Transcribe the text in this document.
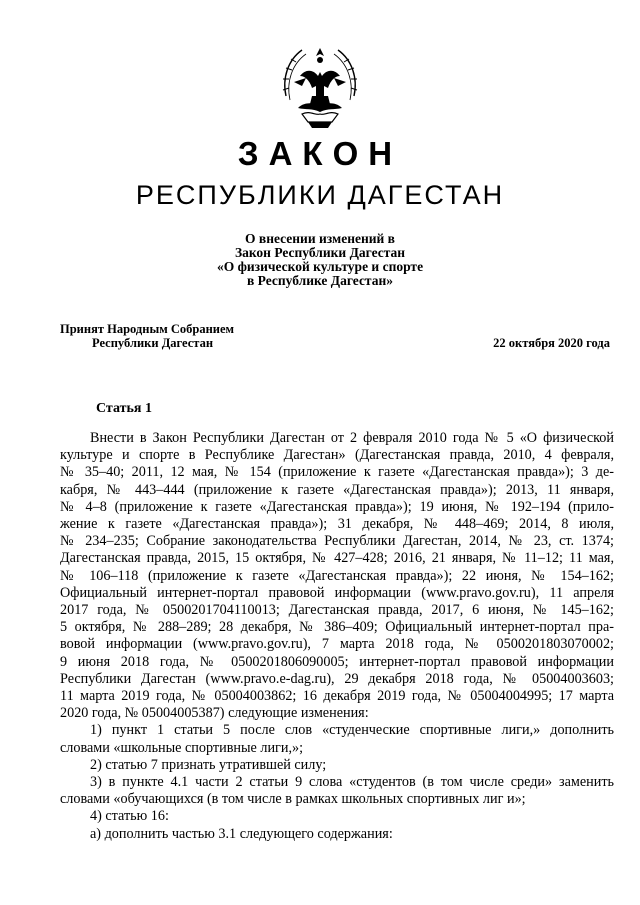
ЗАКОН
РЕСПУБЛИКИ ДАГЕСТАН
О внесении изменений в
Закон Республики Дагестан
«О физической культуре и спорте
в Республике Дагестан»
Принят Народным Собранием
Республики Дагестан	22 октября 2020 года
Статья 1
Внести в Закон Республики Дагестан от 2 февраля 2010 года № 5 «О физической
культуре и спорте в Республике Дагестан» (Дагестанская правда, 2010, 4 февраля,
№ 35–40; 2011, 12 мая, № 154 (приложение к газете «Дагестанская правда»); 3 де-
кабря, № 443–444 (приложение к газете «Дагестанская правда»); 2013, 11 января,
№ 4–8 (приложение к газете «Дагестанская правда»); 19 июня, № 192–194 (прило-
жение к газете «Дагестанская правда»); 31 декабря, № 448–469; 2014, 8 июля,
№ 234–235; Собрание законодательства Республики Дагестан, 2014, № 23, ст. 1374;
Дагестанская правда, 2015, 15 октября, № 427–428; 2016, 21 января, № 11–12; 11 мая,
№ 106–118 (приложение к газете «Дагестанская правда»); 22 июня, № 154–162;
Официальный интернет-портал правовой информации (www.pravo.gov.ru), 11 апреля
2017 года, № 0500201704110013; Дагестанская правда, 2017, 6 июня, № 145–162;
5 октября, № 288–289; 28 декабря, № 386–409; Официальный интернет-портал пра-
вовой информации (www.pravo.gov.ru), 7 марта 2018 года, № 0500201803070002;
9 июня 2018 года, № 0500201806090005; интернет-портал правовой информации
Республики Дагестан (www.pravo.e-dag.ru), 29 декабря 2018 года, № 05004003603;
11 марта 2019 года, № 05004003862; 16 декабря 2019 года, № 05004004995; 17 марта
2020 года, № 05004005387) следующие изменения:
1) пункт 1 статьи 5 после слов «студенческие спортивные лиги,» дополнить
словами «школьные спортивные лиги,»;
2) статью 7 признать утратившей силу;
3) в пункте 4.1 части 2 статьи 9 слова «студентов (в том числе среди» заменить
словами «обучающихся (в том числе в рамках школьных спортивных лиг и»;
4) статью 16:
а) дополнить частью 3.1 следующего содержания:
